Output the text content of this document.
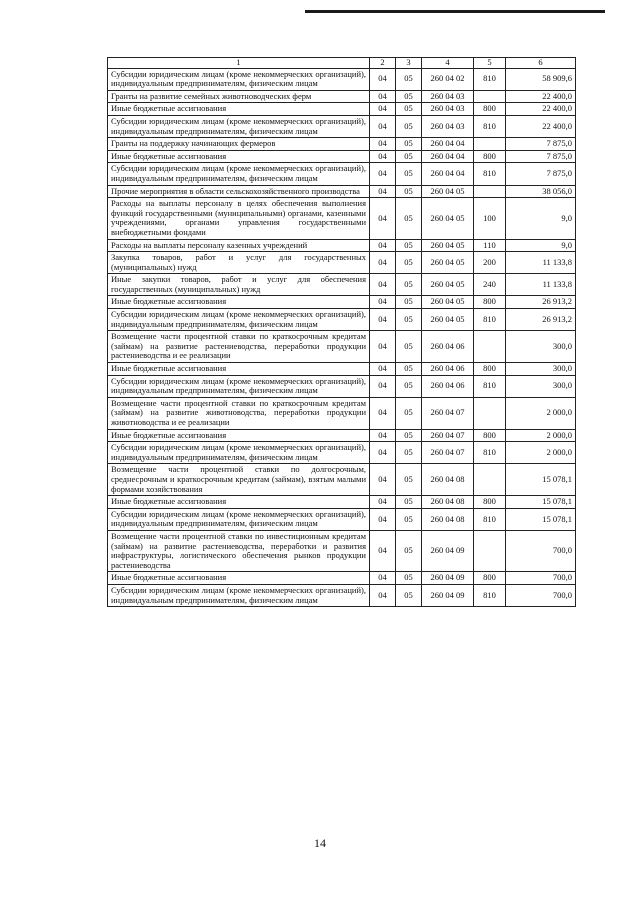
1	2	3	4	5	6
Субсидии юридическим лицам (кроме некоммерческих организаций), индивидуальным предпринимателям, физическим лицам	04	05	260 04 02	810	58 909,6
Гранты на развитие семейных животноводческих ферм	04	05	260 04 03		22 400,0
Иные бюджетные ассигнования	04	05	260 04 03	800	22 400,0
Субсидии юридическим лицам (кроме некоммерческих организаций), индивидуальным предпринимателям, физическим лицам	04	05	260 04 03	810	22 400,0
Гранты на поддержку начинающих фермеров	04	05	260 04 04		7 875,0
Иные бюджетные ассигнования	04	05	260 04 04	800	7 875,0
Субсидии юридическим лицам (кроме некоммерческих организаций), индивидуальным предпринимателям, физическим лицам	04	05	260 04 04	810	7 875,0
Прочие мероприятия в области сельскохозяйственного производства	04	05	260 04 05		38 056,0
Расходы на выплаты персоналу в целях обеспечения выполнения функций государственными (муниципальными) органами, казенными учреждениями, органами управления государственными внебюджетными фондами	04	05	260 04 05	100	9,0
Расходы на выплаты персоналу казенных учреждений	04	05	260 04 05	110	9,0
Закупка товаров, работ и услуг для государственных (муниципальных) нужд	04	05	260 04 05	200	11 133,8
Иные закупки товаров, работ и услуг для обеспечения государственных (муниципальных) нужд	04	05	260 04 05	240	11 133,8
Иные бюджетные ассигнования	04	05	260 04 05	800	26 913,2
Субсидии юридическим лицам (кроме некоммерческих организаций), индивидуальным предпринимателям, физическим лицам	04	05	260 04 05	810	26 913,2
Возмещение части процентной ставки по краткосрочным кредитам (займам) на развитие растениеводства, переработки продукции растениеводства и ее реализации	04	05	260 04 06		300,0
Иные бюджетные ассигнования	04	05	260 04 06	800	300,0
Субсидии юридическим лицам (кроме некоммерческих организаций), индивидуальным предпринимателям, физическим лицам	04	05	260 04 06	810	300,0
Возмещение части процентной ставки по краткосрочным кредитам (займам) на развитие животноводства, переработки продукции животноводства и ее реализации	04	05	260 04 07		2 000,0
Иные бюджетные ассигнования	04	05	260 04 07	800	2 000,0
Субсидии юридическим лицам (кроме некоммерческих организаций), индивидуальным предпринимателям, физическим лицам	04	05	260 04 07	810	2 000,0
Возмещение части процентной ставки по долгосрочным, среднесрочным и краткосрочным кредитам (займам), взятым малыми формами хозяйствования	04	05	260 04 08		15 078,1
Иные бюджетные ассигнования	04	05	260 04 08	800	15 078,1
Субсидии юридическим лицам (кроме некоммерческих организаций), индивидуальным предпринимателям, физическим лицам	04	05	260 04 08	810	15 078,1
Возмещение части процентной ставки по инвестиционным кредитам (займам) на развитие растениеводства, переработки и развития инфраструктуры, логистического обеспечения рынков продукции растениеводства	04	05	260 04 09		700,0
Иные бюджетные ассигнования	04	05	260 04 09	800	700,0
Субсидии юридическим лицам (кроме некоммерческих организаций), индивидуальным предпринимателям, физическим лицам	04	05	260 04 09	810	700,0
14
